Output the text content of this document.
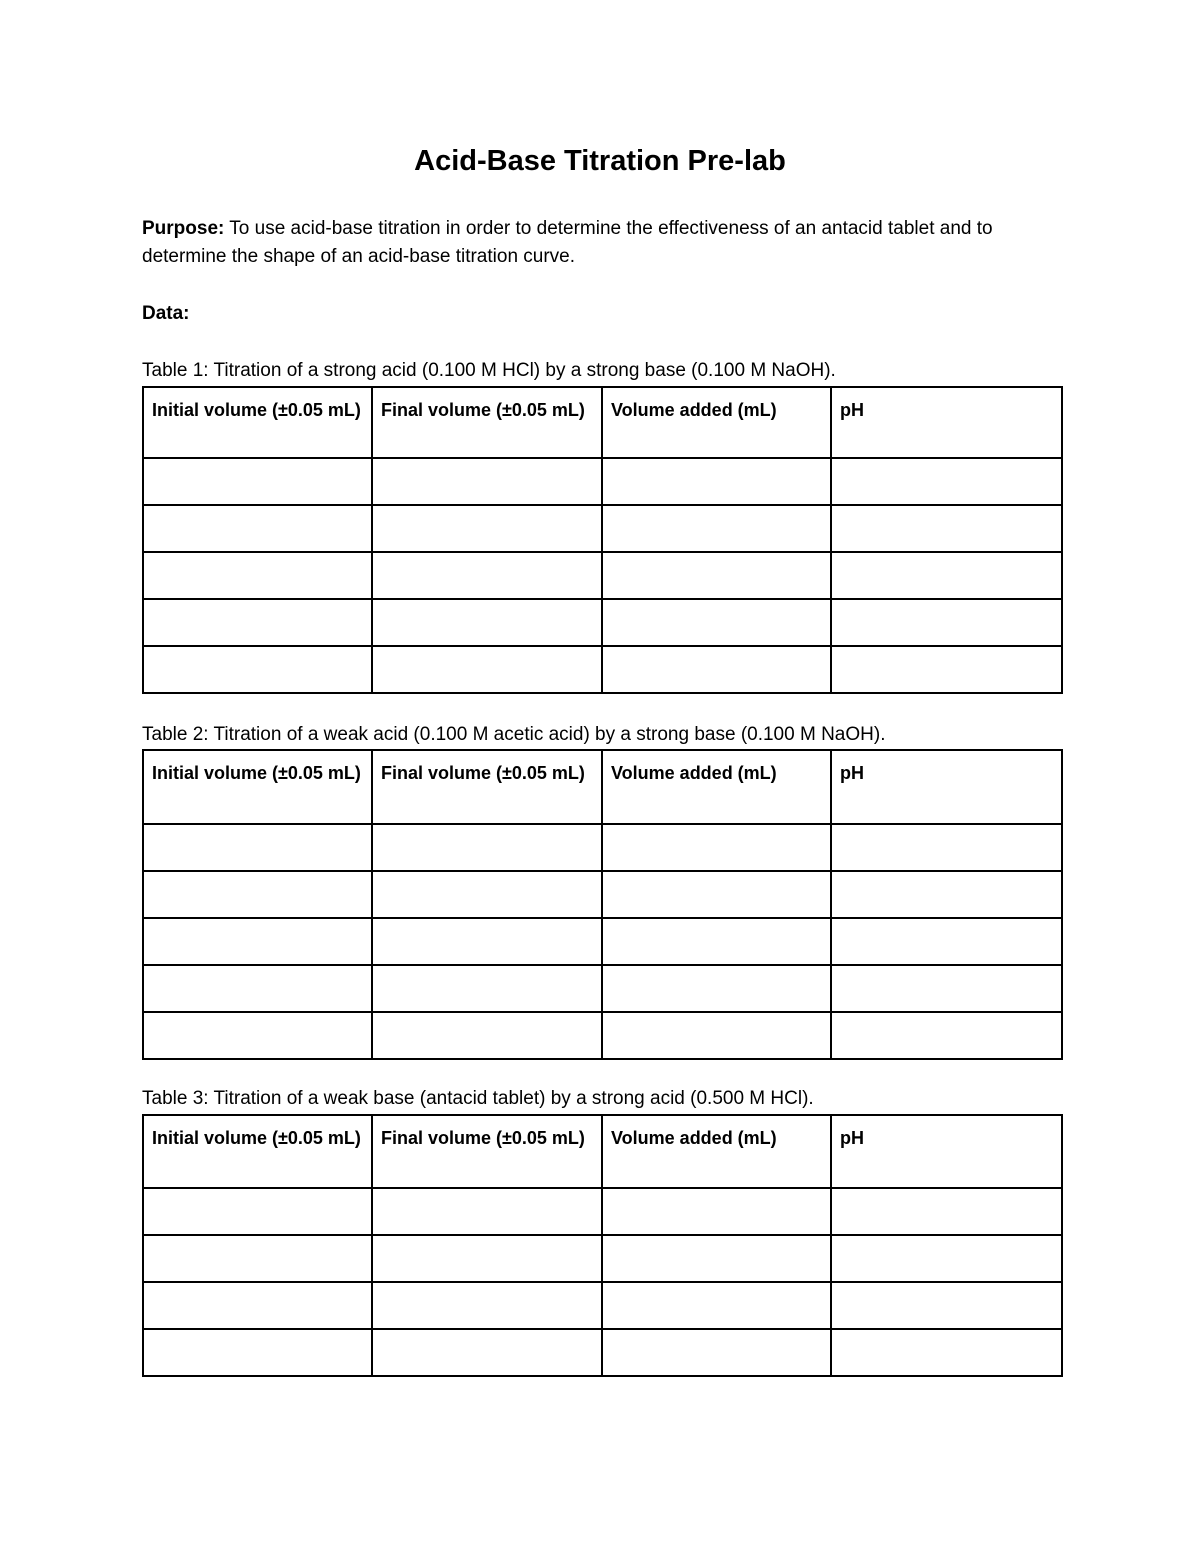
Acid-Base Titration Pre-lab
Purpose: To use acid-base titration in order to determine the effectiveness of an antacid tablet and to determine the shape of an acid-base titration curve.
Data:
Table 1: Titration of a strong acid (0.100 M HCl) by a strong base (0.100 M NaOH).
Initial volume (±0.05 mL)	Final volume (±0.05 mL)	Volume added (mL)	pH

Table 2: Titration of a weak acid (0.100 M acetic acid) by a strong base (0.100 M NaOH).
Initial volume (±0.05 mL)	Final volume (±0.05 mL)	Volume added (mL)	pH

Table 3: Titration of a weak base (antacid tablet) by a strong acid (0.500 M HCl).
Initial volume (±0.05 mL)	Final volume (±0.05 mL)	Volume added (mL)	pH
